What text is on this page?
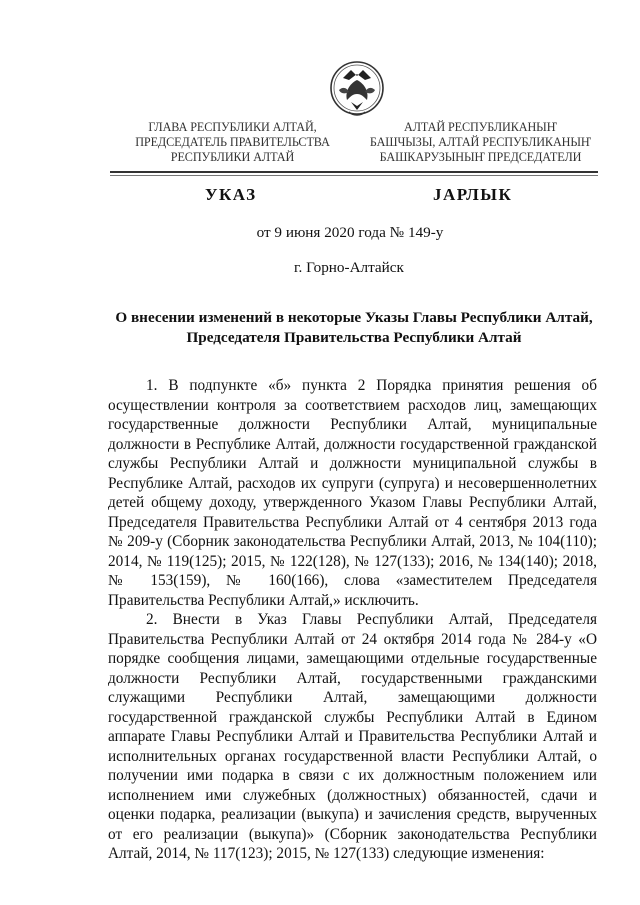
ГЛАВА РЕСПУБЛИКИ АЛТАЙ,
ПРЕДСЕДАТЕЛЬ ПРАВИТЕЛЬСТВА
РЕСПУБЛИКИ АЛТАЙ
АЛТАЙ РЕСПУБЛИКАНЫҤ
БАШЧЫЗЫ, АЛТАЙ РЕСПУБЛИКАНЫҤ
БАШКАРУЗЫНЫҤ ПРЕДСЕДАТЕЛИ
УКАЗ	JАРЛЫК
от 9 июня 2020 года № 149-у
г. Горно-Алтайск
О внесении изменений в некоторые Указы Главы Республики Алтай,
Председателя Правительства Республики Алтай

1. В подпункте «б» пункта 2 Порядка принятия решения об осуществлении контроля за соответствием расходов лиц, замещающих государственные должности Республики Алтай, муниципальные должности в Республике Алтай, должности государственной гражданской службы Республики Алтай и должности муниципальной службы в Республике Алтай, расходов их супруги (супруга) и несовершеннолетних детей общему доходу, утвержденного Указом Главы Республики Алтай, Председателя Правительства Республики Алтай от 4 сентября 2013 года № 209-у (Сборник законодательства Республики Алтай, 2013, № 104(110); 2014, № 119(125); 2015, № 122(128), № 127(133); 2016, № 134(140); 2018, № 153(159), № 160(166), слова «заместителем Председателя Правительства Республики Алтай,» исключить.

2. Внести в Указ Главы Республики Алтай, Председателя Правительства Республики Алтай от 24 октября 2014 года № 284-у «О порядке сообщения лицами, замещающими отдельные государственные должности Республики Алтай, государственными гражданскими служащими Республики Алтай, замещающими должности государственной гражданской службы Республики Алтай в Едином аппарате Главы Республики Алтай и Правительства Республики Алтай и исполнительных органах государственной власти Республики Алтай, о получении ими подарка в связи с их должностным положением или исполнением ими служебных (должностных) обязанностей, сдачи и оценки подарка, реализации (выкупа) и зачисления средств, вырученных от его реализации (выкупа)» (Сборник законодательства Республики Алтай, 2014, № 117(123); 2015, № 127(133) следующие изменения:
